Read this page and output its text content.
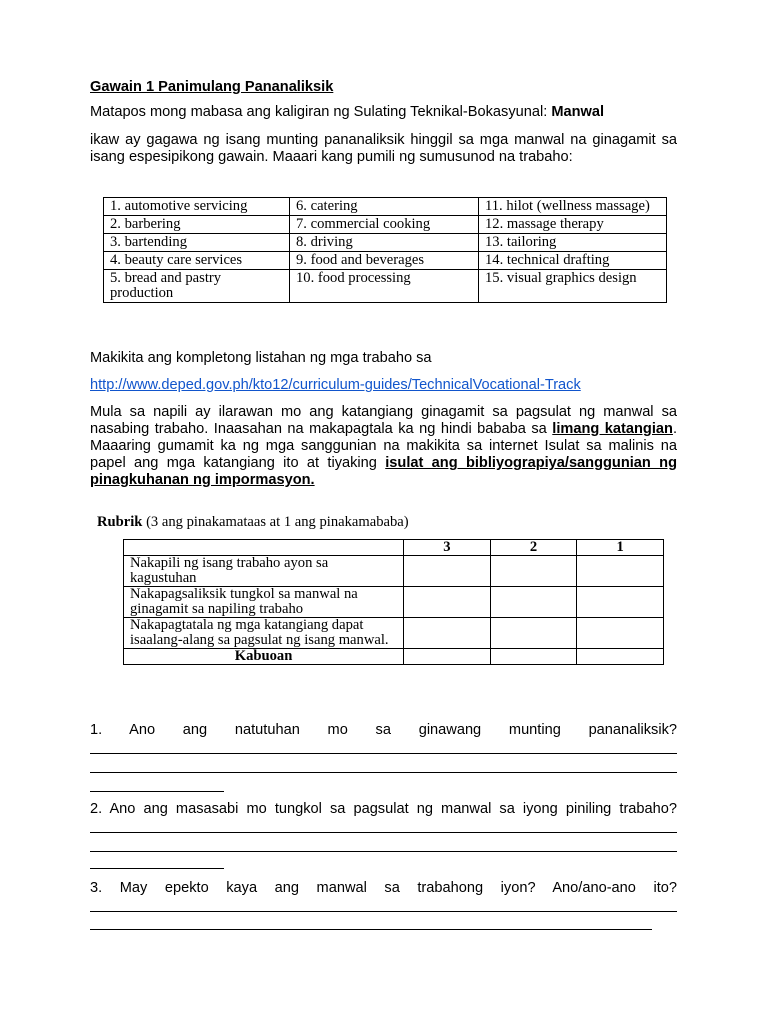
Gawain 1 Panimulang Pananaliksik

Matapos mong mabasa ang kaligiran ng Sulating Teknikal-Bokasyunal: Manwal

ikaw ay gagawa ng isang munting pananaliksik hinggil sa mga manwal na ginagamit sa isang espesipikong gawain. Maaari kang pumili ng sumusunod na trabaho:

1. automotive servicing	6. catering	11. hilot (wellness massage)
2. barbering	7. commercial cooking	12. massage therapy
3. bartending	8. driving	13. tailoring
4. beauty care services	9. food and beverages	14. technical drafting
5. bread and pastry production	10. food processing	15. visual graphics design

Makikita ang kompletong listahan ng mga trabaho sa

http://www.deped.gov.ph/kto12/curriculum-guides/TechnicalVocational-Track

Mula sa napili ay ilarawan mo ang katangiang ginagamit sa pagsulat ng manwal sa nasabing trabaho. Inaasahan na makapagtala ka ng hindi bababa sa limang katangian. Maaaring gumamit ka ng mga sanggunian na makikita sa internet Isulat sa malinis na papel ang mga katangiang ito at tiyaking isulat ang bibliyograpiya/sanggunian ng pinagkuhanan ng impormasyon.

Rubrik (3 ang pinakamataas at 1 ang pinakamababa)
	3	2	1
Nakapili ng isang trabaho ayon sa kagustuhan			
Nakapagsaliksik tungkol sa manwal na ginagamit sa napiling trabaho			
Nakapagtatala ng mga katangiang dapat isaalang-alang sa pagsulat ng isang manwal.			
Kabuoan			
1. Ano ang natutuhan mo sa ginawang munting pananaliksik?
2. Ano ang masasabi mo tungkol sa pagsulat ng manwal sa iyong piniling trabaho?
3. May epekto kaya ang manwal sa trabahong iyon? Ano/ano-ano ito?
